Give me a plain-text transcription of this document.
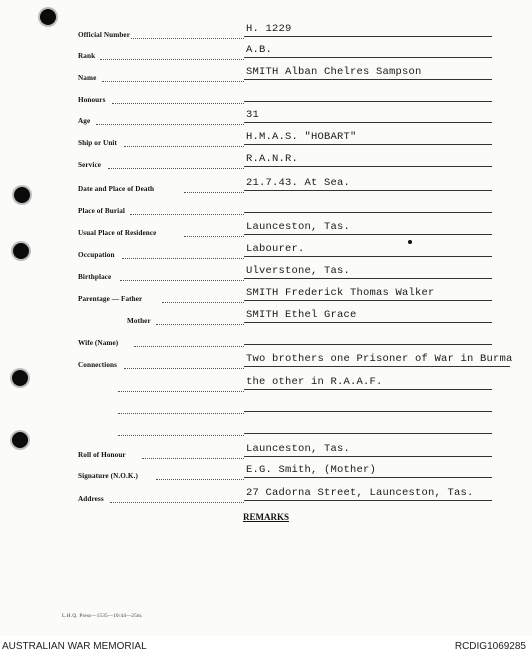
Official Number	H. 1229
Rank	A.B.
Name	SMITH Alban Chelres Sampson
Honours
Age	31
Ship or Unit	H.M.A.S. "HOBART"
Service	R.A.N.R.
Date and Place of Death	21.7.43. At Sea.
Place of Burial
Usual Place of Residence	Launceston, Tas.
Occupation	Labourer.
Birthplace	Ulverstone, Tas.
Parentage — Father	SMITH Frederick Thomas Walker
Mother	SMITH Ethel Grace
Wife (Name)
Connections	Two brothers one Prisoner of War in Burma
the other in R.A.A.F.
Roll of Honour	Launceston, Tas.
Signature (N.O.K.)	E.G. Smith, (Mother)
Address	27 Cadorna Street, Launceston, Tas.
REMARKS
L.H.Q. Press—1535—10/44—25m.
AUSTRALIAN WAR MEMORIAL	RCDIG1069285
